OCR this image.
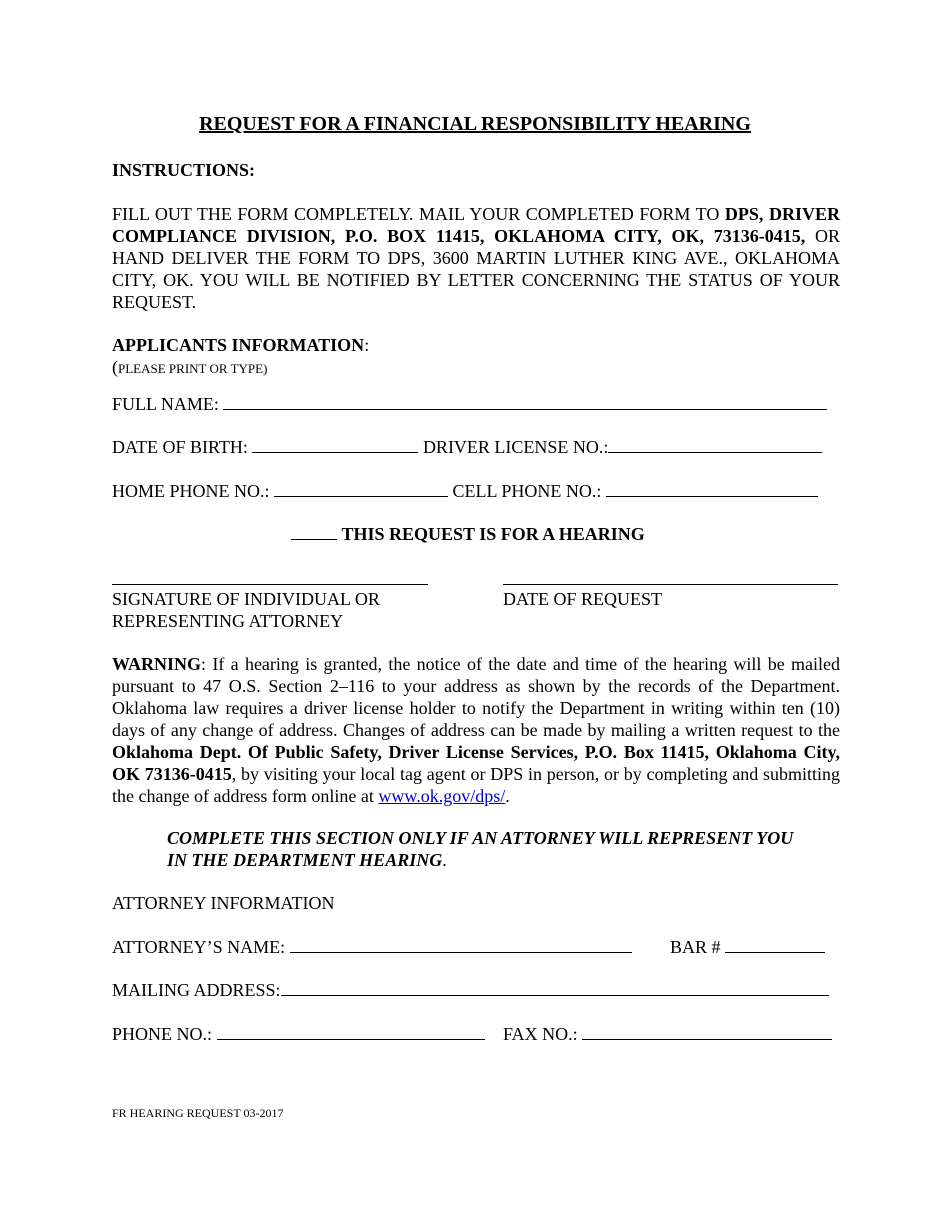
REQUEST FOR A FINANCIAL RESPONSIBILITY HEARING
INSTRUCTIONS:
FILL OUT THE FORM COMPLETELY. MAIL YOUR COMPLETED FORM TO DPS, DRIVER COMPLIANCE DIVISION, P.O. BOX 11415, OKLAHOMA CITY, OK, 73136-0415, OR HAND DELIVER THE FORM TO DPS, 3600 MARTIN LUTHER KING AVE., OKLAHOMA CITY, OK. YOU WILL BE NOTIFIED BY LETTER CONCERNING THE STATUS OF YOUR REQUEST.
APPLICANTS INFORMATION:
(PLEASE PRINT OR TYPE)
FULL NAME:
DATE OF BIRTH:	DRIVER LICENSE NO.:
HOME PHONE NO.:	CELL PHONE NO.:
THIS REQUEST IS FOR A HEARING
SIGNATURE OF INDIVIDUAL OR
REPRESENTING ATTORNEY
DATE OF REQUEST
WARNING: If a hearing is granted, the notice of the date and time of the hearing will be mailed pursuant to 47 O.S. Section 2–116 to your address as shown by the records of the Department. Oklahoma law requires a driver license holder to notify the Department in writing within ten (10) days of any change of address. Changes of address can be made by mailing a written request to the Oklahoma Dept. Of Public Safety, Driver License Services, P.O. Box 11415, Oklahoma City, OK 73136-0415, by visiting your local tag agent or DPS in person, or by completing and submitting the change of address form online at www.ok.gov/dps/.
COMPLETE THIS SECTION ONLY IF AN ATTORNEY WILL REPRESENT YOU IN THE DEPARTMENT HEARING.
ATTORNEY INFORMATION
ATTORNEY’S NAME:	BAR #
MAILING ADDRESS:
PHONE NO.:	FAX NO.:
FR HEARING REQUEST 03-2017
